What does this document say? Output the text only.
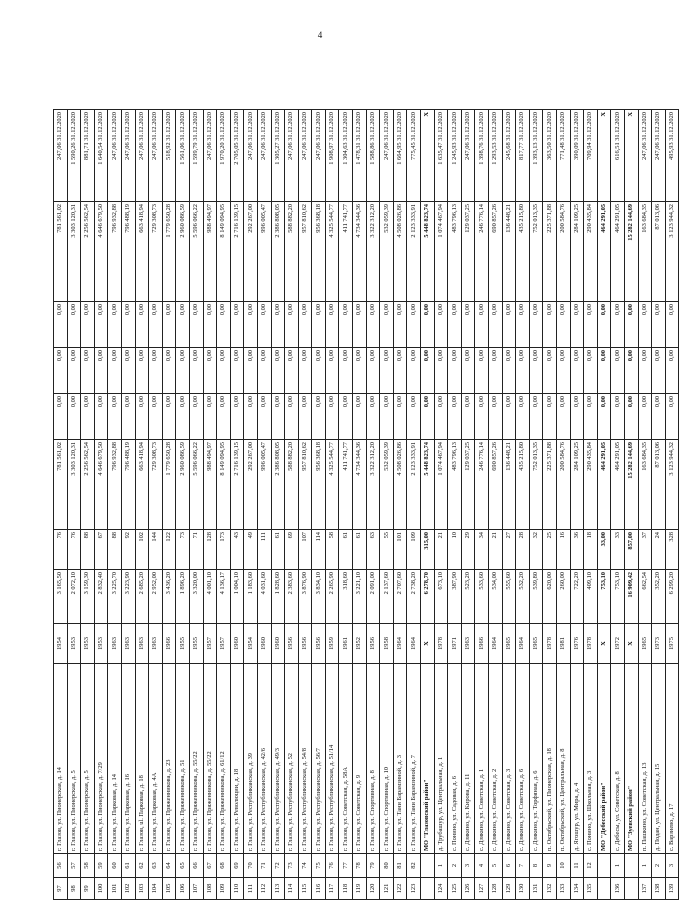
4
97	56	г. Глазов, ул. Пионерская, д. 14	1954	3 165,50	76	781 561,02	0,00	0,00	0,00	781 561,02	247,06 31.12.2020
98	57	г. Глазов, ул. Пионерская, д. 5	1953	2 072,10	76	3 303 120,31	0,00	0,00	0,00	3 303 120,31	1 590,26 31.12.2020
99	58	г. Глазов, ул. Пионерская, д. 5	1953	3 159,30	88	2 256 562,54	0,00	0,00	0,00	2 256 562,54	881,71 31.12.2020
100	59	г. Глазов, ул. Пионерская, д. 7/29	1953	2 832,40	67	4 646 679,50	0,00	0,00	0,00	4 646 679,50	1 640,54 31.12.2020
101	60	г. Глазов, ул. Парковая, д. 14	1963	3 225,70	88	796 932,88	0,00	0,00	0,00	796 932,88	247,06 31.12.2020
102	61	г. Глазов, ул. Парковая, д. 16	1963	3 223,90	92	796 488,19	0,00	0,00	0,00	796 488,19	247,06 31.12.2020
103	62	г. Глазов, ul. Парковая, д. 18	1963	2 685,20	102	663 418,94	0,00	0,00	0,00	663 418,94	247,06 31.12.2020
104	63	г. Глазов, ул. Парковая, д. 4А	1963	2 952,00	144	729 308,73	0,00	0,00	0,00	729 308,73	247,06 31.12.2020
105	64	г. Глазов, ул. Пряженникова, д. 23	1966	3 436,20	122	1 779 650,28	0,00	0,00	0,00	1 779 650,28	518,92 31.12.2020
106	65	г. Глазов, ул. Пряженникова, д. 51	1955	1 896,20	73	2 960 086,59	0,00	0,00	0,00	2 960 086,59	1 561,06 31.12.2020
107	66	г. Глазов, ул. Пряженникова, д. 55/22	1955	3 320,00	71	5 596 066,22	0,00	0,00	0,00	5 596 066,22	1 599,79 31.12.2020
108	67	г. Глазов, ул. Пряженникова, д. 55/22	1957	4 001,10	128	988 494,97	0,00	0,00	0,00	988 494,97	247,06 31.12.2020
109	68	г. Глазов, ул. Пряженникова, д. 61/12	1957	4 136,17	173	8 149 094,95	0,00	0,00	0,00	8 149 094,95	1 970,20 31.12.2020
110	69	г. Глазов, ул. Революции, д. 18	1960	1 004,10	43	2 716 139,15	0,00	0,00	0,00	2 716 139,15	2 705,05 31.12.2020
111	70	г. Глазов, ул. Республиканская, д. 39	1954	1 183,60	49	292 267,00	0,00	0,00	0,00	292 267,00	247,06 31.12.2020
112	71	г. Глазов, ул. Республиканская, д. 42/6	1960	4 031,60	111	996 005,47	0,00	0,00	0,00	996 005,47	247,06 31.12.2020
113	72	г. Глазов, ул. Республиканская, д. 49/3	1960	1 828,60	61	2 386 808,05	0,00	0,00	0,00	2 386 808,05	1 305,27 31.12.2020
114	73	г. Глазов, ул. Республиканская, д. 52	1956	2 383,60	69	588 882,20	0,00	0,00	0,00	588 882,20	247,06 31.12.2020
115	74	г. Глазов, ул. Республиканская, д. 54/8	1956	3 876,90	107	957 810,62	0,00	0,00	0,00	957 810,62	247,06 31.12.2020
116	75	г. Глазов, ул. Республиканская, д. 56/7	1956	3 834,10	114	956 368,18	0,00	0,00	0,00	956 368,18	247,06 31.12.2020
117	76	г. Глазов, ул. Республиканская, д. 51/14	1959	2 265,90	58	4 325 544,77	0,00	0,00	0,00	4 325 544,77	1 908,97 31.12.2020
118	77	г. Глазов, ул. Советская, д. 58А	1961	318,60	61	411 741,77	0,00	0,00	0,00	411 741,77	1 304,63 31.12.2020
119	78	г. Глазов, ул. Советская, д. 9	1952	3 221,10	61	4 734 344,36	0,00	0,00	0,00	4 734 344,36	1 478,31 31.12.2020
120	79	г. Глазов, ул. Спортивная, д. 8	1956	2 091,00	63	3 322 312,20	0,00	0,00	0,00	3 322 312,20	1 588,86 31.12.2020
121	80	г. Глазов, ул. Спортивная, д. 10	1958	2 137,60	55	532 059,39	0,00	0,00	0,00	532 059,39	247,06 31.12.2020
122	81	г. Глазов, ул. Тани Барамзиной, д. 3	1964	2 707,60	101	4 508 026,86	0,00	0,00	0,00	4 508 026,86	1 664,95 31.12.2020
123	82	г. Глазов, ул. Тани Барамзиной, д. 7	1964	2 738,20	109	2 123 333,91	0,00	0,00	0,00	2 123 333,91	775,45 31.12.2020
		МО "Глазовский район"	Х	6 278,70	315,00	5 448 823,74	0,00	0,00	0,00	5 448 823,74	Х
124	1	д. Трубашур, ул. Центральная, д. 1	1978	673,10	21	1 074 467,94	0,00	0,00	0,00	1 074 467,94	1 635,47 31.12.2020
125	2	с. Понино, ул. Садовая, д. 6	1971	387,90	10	483 796,13	0,00	0,00	0,00	483 796,13	1 245,93 31.12.2020
126	3	с. Дзякино, ул. Кирова, д. 11	1963	523,20	29	129 037,25	0,00	0,00	0,00	129 037,25	247,06 31.12.2020
127	4	с. Дзякино, ул. Советская, д. 1	1966	533,60	34	246 776,14	0,00	0,00	0,00	246 776,14	1 398,76 31.12.2020
128	5	с. Дзякино, ул. Советская, д. 2	1964	534,00	21	690 857,26	0,00	0,00	0,00	690 857,26	1 293,53 31.12.2020
129	6	с. Дзякино, ул. Советская, д. 3	1965	555,60	27	136 448,21	0,00	0,00	0,00	136 448,21	245,68 31.12.2020
130	7	с. Дзякино, ул. Советская, д. 6	1964	532,20	28	435 215,80	0,00	0,00	0,00	435 215,80	817,77 31.12.2020
131	8	с. Дзякино, ул. Торфяная, д. 6	1965	539,80	32	752 013,35	0,00	0,00	0,00	752 013,35	1 393,13 31.12.2020
132	9	п. Октябрьский, ул. Пионерская, д. 18	1978	620,00	25	225 371,88	0,00	0,00	0,00	225 371,88	363,50 31.12.2020
133	10	п. Октябрьский, ул. Центральная, д. 8	1981	260,00	16	200 584,76	0,00	0,00	0,00	200 584,76	771,48 31.12.2020
134	11	д. Ягошур, ул. Мира, д. 4	1976	722,20	36	284 109,25	0,00	0,00	0,00	284 109,25	390,09 31.12.2020
135	12	с. Понино, ул. Школьная, д. 3	1978	409,10	18	290 435,84	0,00	0,00	0,00	290 435,84	709,94 31.12.2020
		МО "Дебесский район"	Х	753,10	33,00	464 291,05	0,00	0,00	0,00	464 291,05	Х
136	1	с. Дебесы, ул. Советская, д. 8	1972	753,10	33	464 291,05	0,00	0,00	0,00	464 291,05	616,51 31.12.2020
		МО "Зуевский район"	Х	16 909,42	857,00	15 282 144,69	0,00	0,00	0,00	15 282 144,69	Х
137	1	п. Пашкино, ул. Советская, д. 13	1965	662,54	37	163 684,35	0,00	0,00	0,00	163 684,35	247,06 31.12.2020
138	2	д. Подан, ул. Центральная, д. 15	1973	352,20	24	87 013,06	0,00	0,00	0,00	87 013,06	247,06 31.12.2020
139	3	с. Варзиево, д. 17	1975	6 299,20	328	3 123 944,32	0,00	0,00	0,00	3 123 944,32	495,93 31.12.2020
